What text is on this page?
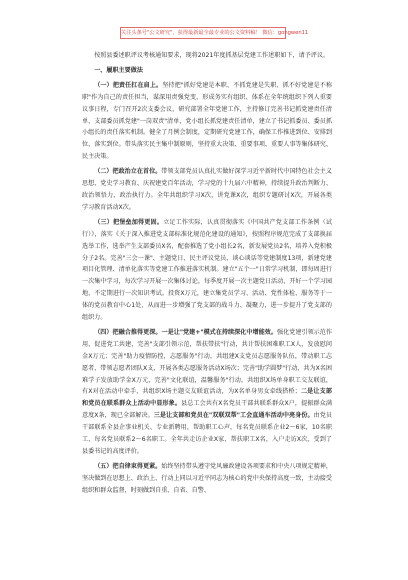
关注头条号"公文研究"，获得最新最全最专业的公文资料稿！ 微信：gongwen11

按照县委述职评议考核通知要求，现将2021年度抓基层党建工作述职如下，请予评议。

一、履职主要做法

（一）把责任扛在肩上。坚持把"抓好党建是本职、不抓党建是失职、抓不好党建是不称职"作为自己的责任担当，谋深用责强党变，形成务实有组织、体系在全年统组织下列人重要议事日程，专门召开2次支委会议，研究部署全年党建工作，主持修订完善书记抓党建责任清单，支部委员抓党建"一岗双责"清单，党小组长抓党建责任清单，建立了书记抓委员、委员抓小组长的责任落实机制。健全了月例会制度，定期研究党建工作，确保工作推进到位、安排到位，落实到位。带头落实民主集中制原则，坚持重大决策、重要事项、重要人事等集体研究、民主决策。

（二）把政治立在首位。带领支部党员认真扎实做好深学习近平新时代中国特色社会主义思想、党史学习教育、庆祝建党百年活动，学习党的十九届六中精神，持续提升政治判断力、政治领悟力、政治执行力。全年共组织学习X次，讲党课X次，组织专题研讨X次，开展各类学习教育活动X次。

（三）把堡垒加得更固。立足工作实际，认真贯彻落实《中国共产党支部工作条例（试行）》，落实《关于深入推进党支部标准化规范化建设的通知》，按照程序规范完成了支部换届选举工作，选举产生支部委员X名，配套推选了党小组长2名，新发展党员2名，培养入党积极分子2名。完善"三会一课"、主题党日、民主评议党员、谈心谈话等党建制度13项，新建党建项目化管理、清单化落实等党建工作推进落实机制。建立"五个一"日常学习机制，即每周进行一次集中学习，每次学习开展一次集体讨论，每季度开展一次主题党日活动，开好一个学习园地，不定期进行一次知识考试。投资X万元，建立集党员学习、活动、党性体检、服务等于一体的党员教育中心1处，从而进一步增强了党支部的战斗力、凝聚力，进一步提升了党支部的组织力。

（四）把融合推得更深。一是让"党建+"模式在持续深化中增能效。强化党建引领示范作用，促进党工共建，完善"支部引领示范，帮扶带扶"行动，共计帮扶困难职工X人，发放慰问金X万元；完善"助力疫情防控，志愿服务"行动，共组建X支党员志愿服务队伍，带动职工志愿者、带领志愿者团队X支，开展各类志愿服务活动X场次；完善"助学圆梦"行动，共为X名困难学子发放助学金X万元，完善"文化联谊，温馨服务"行动，共组织X场单身职工交友联谊，有X对在活动中牵手，共组织X场主题交友联谊活动，为X名单身男女牵线搭桥；二是让支部和党员在联系群众上活动中显形象。县总工会共有X名党员干部共联系群众X户，提振群众满意度X条，现已全部解决。三是让支部和党员在"双联双帮"工会直通车活动中亮身份。由党员干部联系全县企事业机关、专业新聘用，帮助职工心声，每名党员联系企业2～6家，10名职工，每名党员联系2～6名职工。全年共走访企业X家，帮扶职工X名，入户走访X次，受到了县委书记的高度评价。

（五）把自律束得更紧。始终坚持带头遵守党风廉政建设各项要求和中央八项规定精神，坚决做到在思想上、政治上、行动上同以习近平同志为核心的党中央保持高度一致，主动接受组织和群众监督，时刻做到自重、自省、自警、
